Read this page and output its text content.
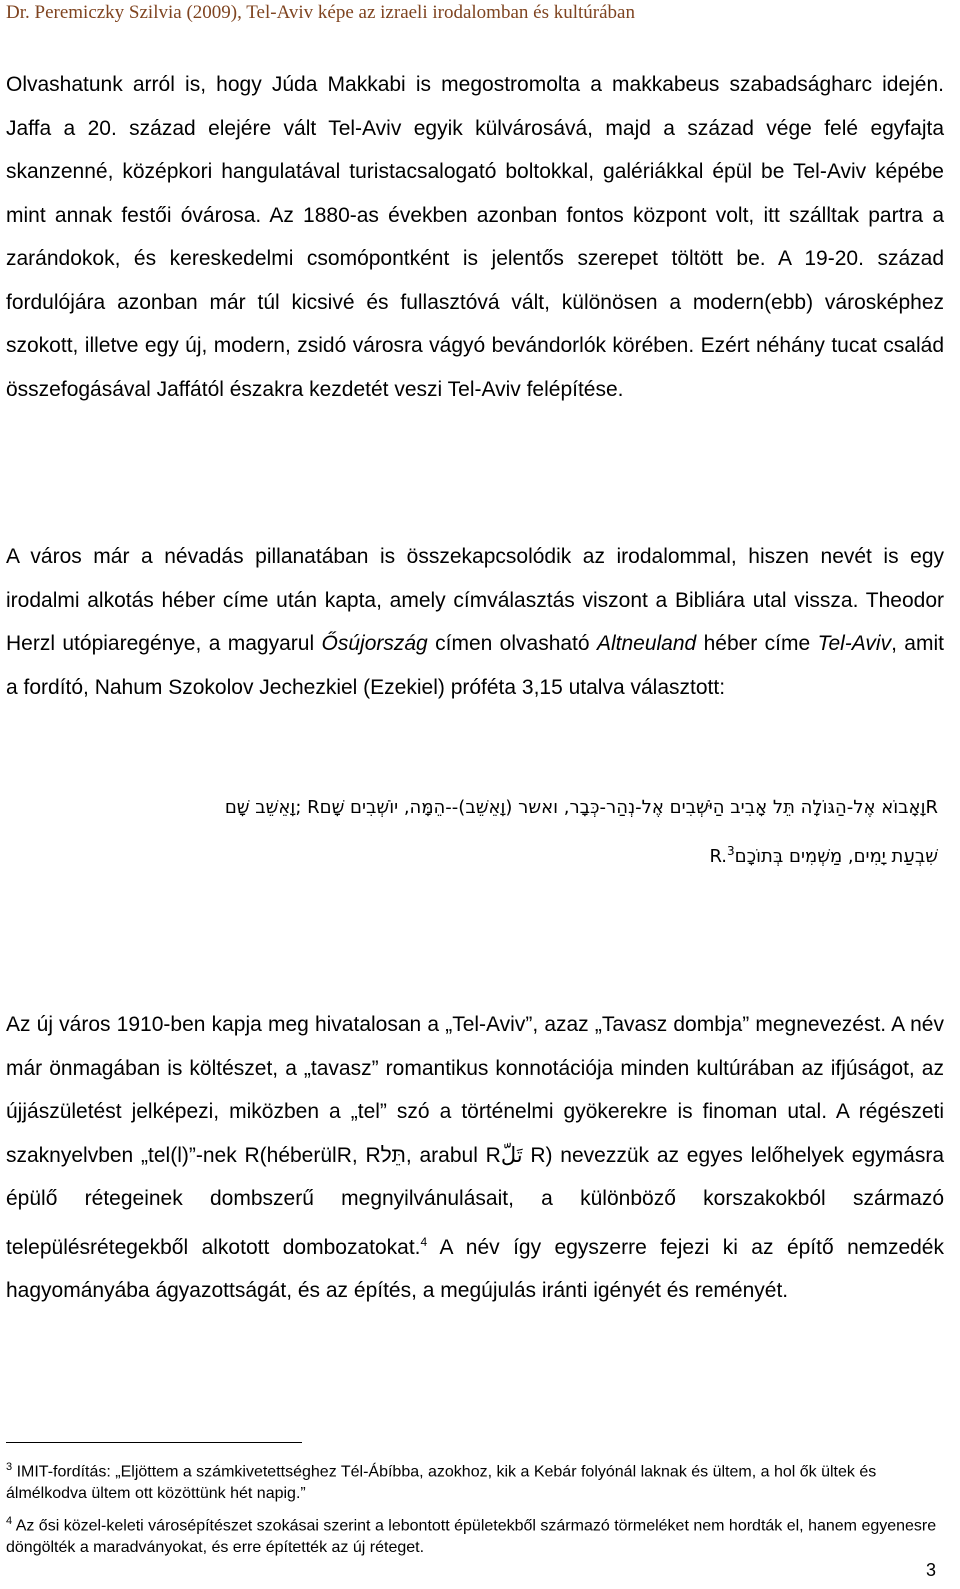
Dr. Peremiczky Szilvia (2009), Tel-Aviv képe az izraeli irodalomban és kultúrában
Olvashatunk arról is, hogy Júda Makkabi is megostromolta a makkabeus szabadságharc idején. Jaffa a 20. század elejére vált Tel-Aviv egyik külvárosává, majd a század vége felé egyfajta skanzenné, középkori hangulatával turistacsalogató boltokkal, galériákkal épül be Tel-Aviv képébe mint annak festői óvárosa. Az 1880-as években azonban fontos központ volt, itt szálltak partra a zarándokok, és kereskedelmi csomópontként is jelentős szerepet töltött be. A 19-20. század fordulójára azonban már túl kicsivé és fullasztóvá vált, különösen a modern(ebb) városképhez szokott, illetve egy új, modern, zsidó városra vágyó bevándorlók körében. Ezért néhány tucat család összefogásával Jaffától északra kezdetét veszi Tel-Aviv felépítése.
A város már a névadás pillanatában is összekapcsolódik az irodalommal, hiszen nevét is egy irodalmi alkotás héber címe után kapta, amely címválasztás viszont a Bibliára utal vissza. Theodor Herzl utópiaregénye, a magyarul Ősújország címen olvasható Altneuland héber címe Tel-Aviv, amit a fordító, Nahum Szokolov Jechezkiel (Ezekiel) próféta 3,15 utalva választott:
Rוָאָבוֹא אֶל-הַגּוֹלָה תֵּל אָבִיב הַיֹּשְׁבִים אֶל-נְהַר-כְּבָר, ואשר (וָאֵשֵׁב)--הֵמָּה, יוֹשְׁבִים שָׁםR ;וָאֵשֵׁב שָׁם
שִׁבְעַת יָמִים, מַשְׁמִים בְּתוֹכָםR.$^3$
Az új város 1910-ben kapja meg hivatalosan a „Tel-Aviv”, azaz „Tavasz dombja” megnevezést. A név már önmagában is költészet, a „tavasz” romantikus konnotációja minden kultúrában az ifjúságot, az újjászületést jelképezi, miközben a „tel” szó a történelmi gyökerekre is finoman utal. A régészeti szaknyelvben „tel(l)”-nek R(héberülR, Rתֵּל, arabul Rتَلّ R) nevezzük az egyes lelőhelyek egymásra épülő rétegeinek dombszerű megnyilvánulásait, a különböző korszakokból származó településrétegekből alkotott dombozatokat.$^4$ A név így egyszerre fejezi ki az építő nemzedék hagyományába ágyazottságát, és az építés, a megújulás iránti igényét és reményét.
$^3$ IMIT-fordítás: „Eljöttem a számkivetettséghez Tél-Ábíbba, azokhoz, kik a Kebár folyónál laknak és ültem, a hol ők ültek és álmélkodva ültem ott közöttünk hét napig.”
$^4$ Az ősi közel-keleti városépítészet szokásai szerint a lebontott épületekből származó törmeléket nem hordták el, hanem egyenesre döngölték a maradványokat, és erre építették az új réteget.
3
